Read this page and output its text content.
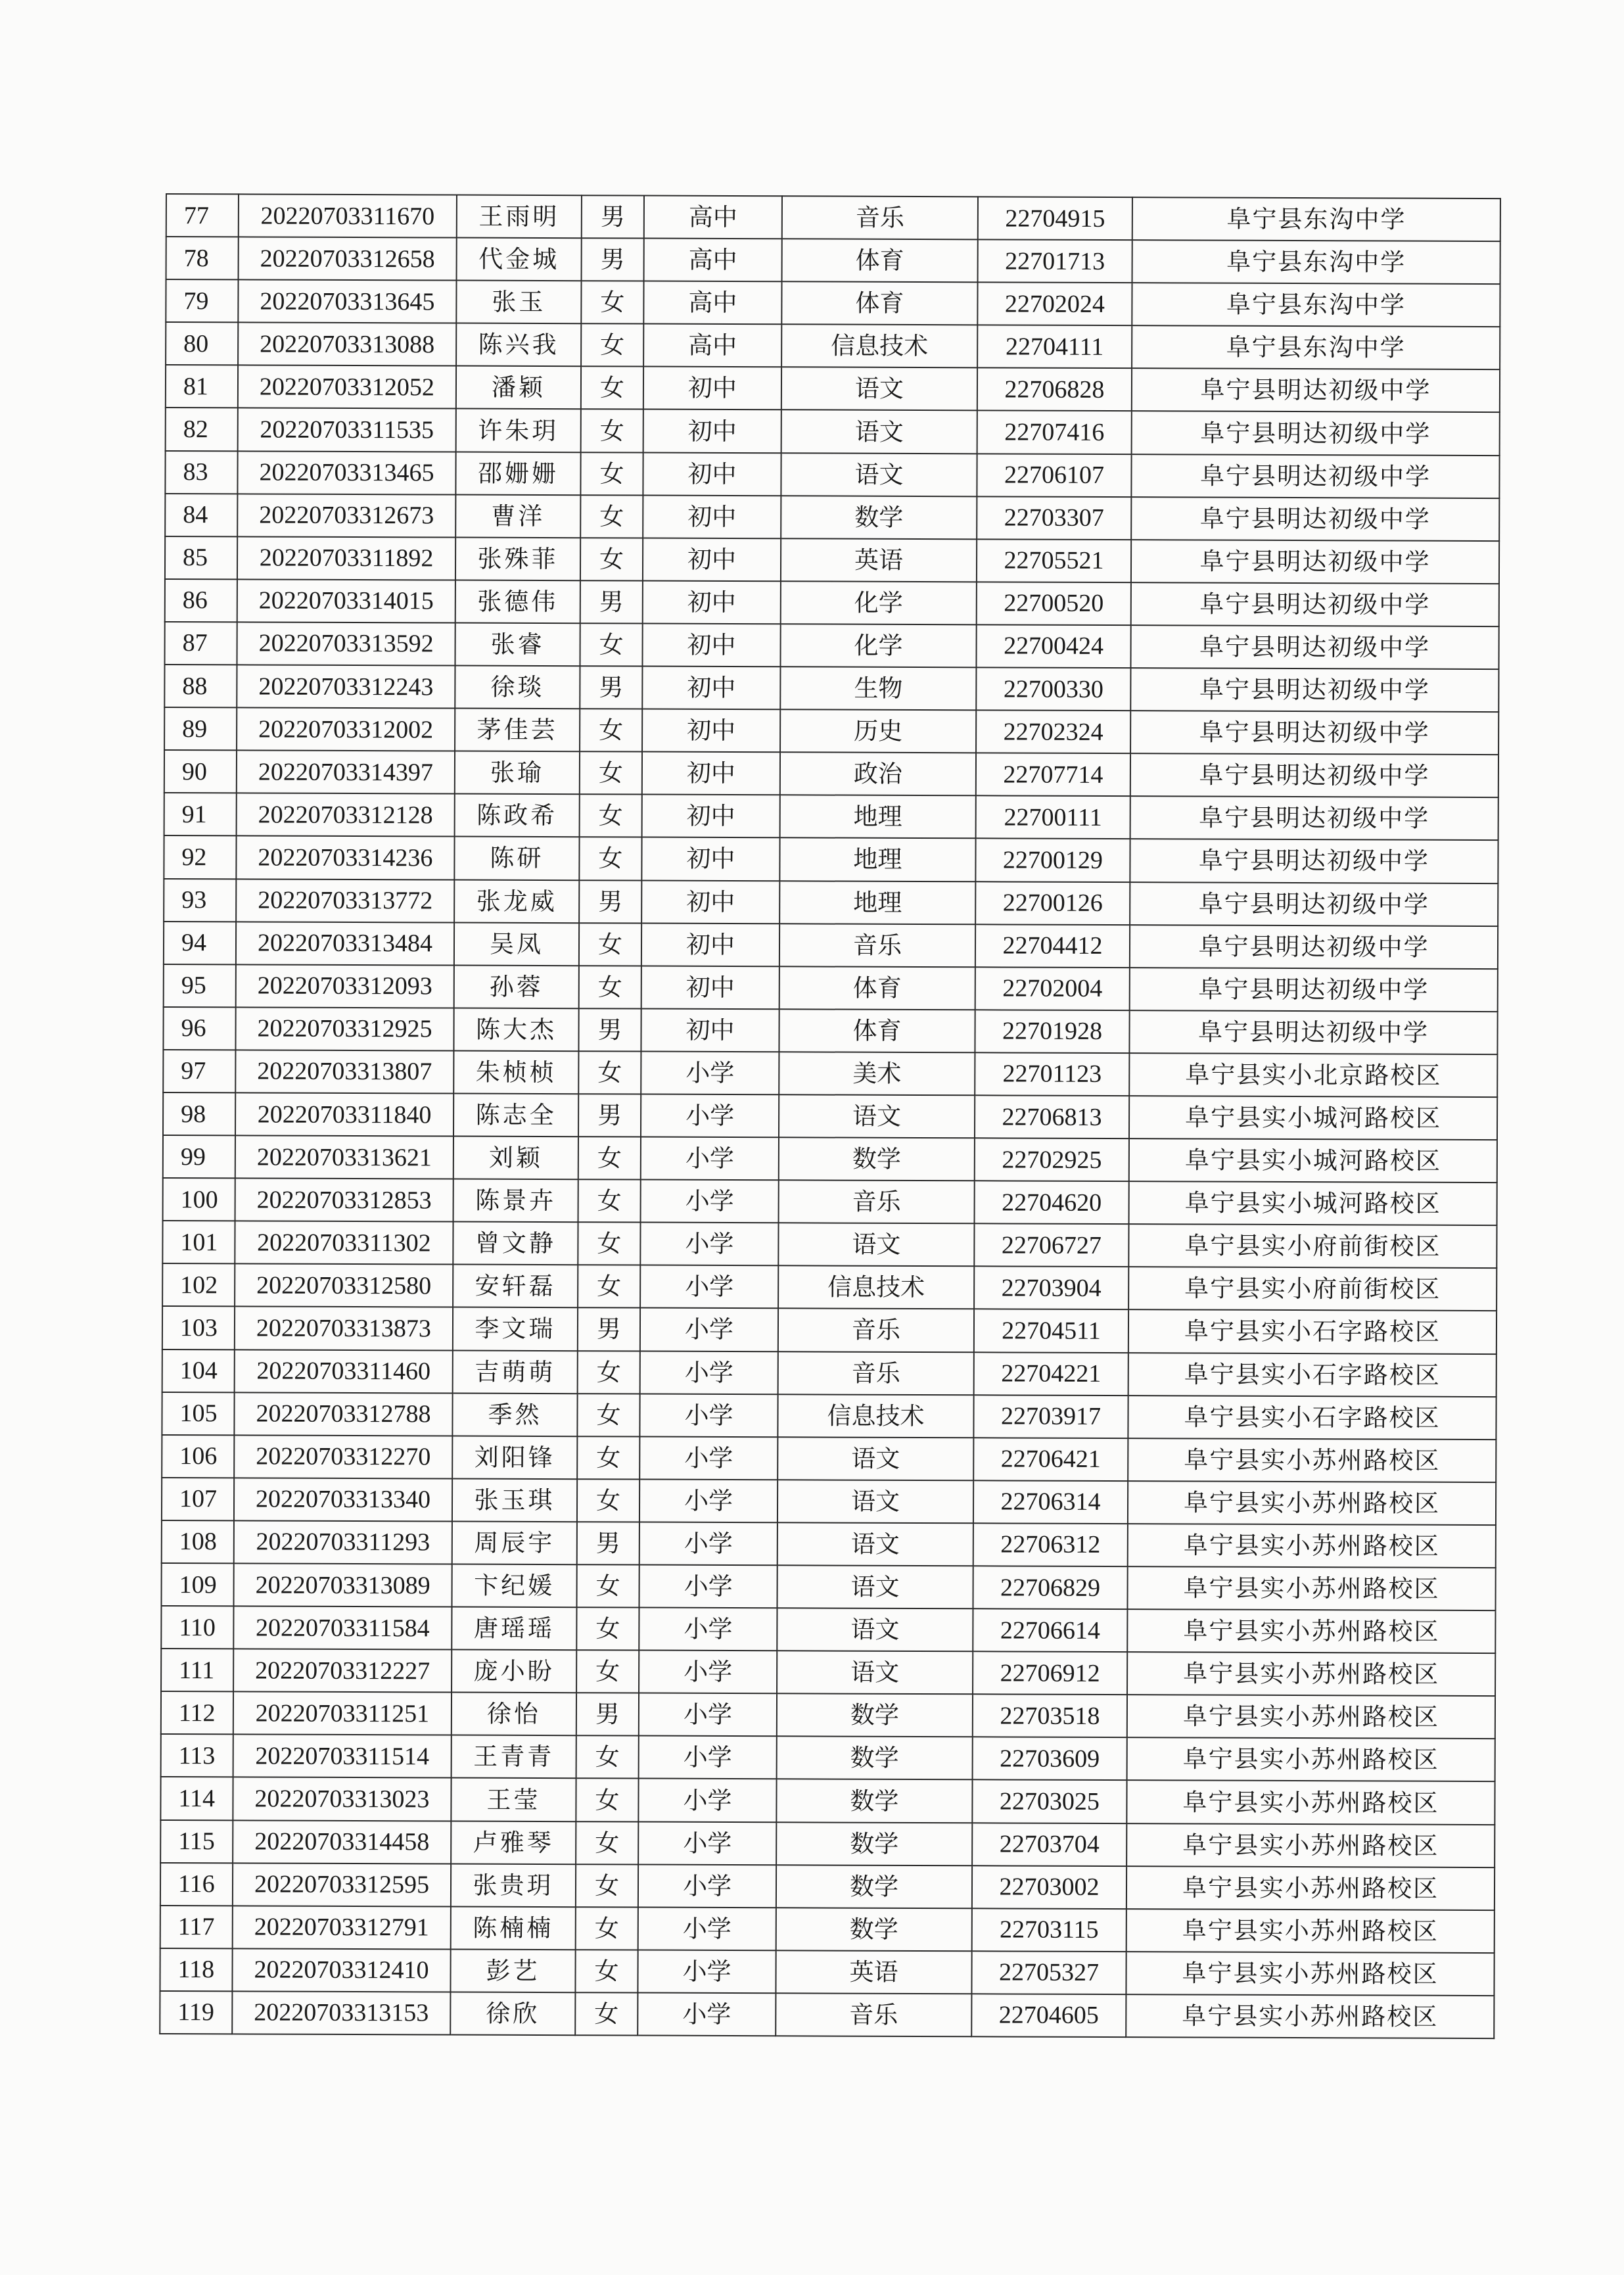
77	20220703311670	王雨明	男	高中	音乐	22704915	阜宁县东沟中学
78	20220703312658	代金城	男	高中	体育	22701713	阜宁县东沟中学
79	20220703313645	张玉	女	高中	体育	22702024	阜宁县东沟中学
80	20220703313088	陈兴我	女	高中	信息技术	22704111	阜宁县东沟中学
81	20220703312052	潘颖	女	初中	语文	22706828	阜宁县明达初级中学
82	20220703311535	许朱玥	女	初中	语文	22707416	阜宁县明达初级中学
83	20220703313465	邵姗姗	女	初中	语文	22706107	阜宁县明达初级中学
84	20220703312673	曹洋	女	初中	数学	22703307	阜宁县明达初级中学
85	20220703311892	张殊菲	女	初中	英语	22705521	阜宁县明达初级中学
86	20220703314015	张德伟	男	初中	化学	22700520	阜宁县明达初级中学
87	20220703313592	张睿	女	初中	化学	22700424	阜宁县明达初级中学
88	20220703312243	徐琰	男	初中	生物	22700330	阜宁县明达初级中学
89	20220703312002	茅佳芸	女	初中	历史	22702324	阜宁县明达初级中学
90	20220703314397	张瑜	女	初中	政治	22707714	阜宁县明达初级中学
91	20220703312128	陈政希	女	初中	地理	22700111	阜宁县明达初级中学
92	20220703314236	陈研	女	初中	地理	22700129	阜宁县明达初级中学
93	20220703313772	张龙威	男	初中	地理	22700126	阜宁县明达初级中学
94	20220703313484	吴凤	女	初中	音乐	22704412	阜宁县明达初级中学
95	20220703312093	孙蓉	女	初中	体育	22702004	阜宁县明达初级中学
96	20220703312925	陈大杰	男	初中	体育	22701928	阜宁县明达初级中学
97	20220703313807	朱桢桢	女	小学	美术	22701123	阜宁县实小北京路校区
98	20220703311840	陈志全	男	小学	语文	22706813	阜宁县实小城河路校区
99	20220703313621	刘颖	女	小学	数学	22702925	阜宁县实小城河路校区
100	20220703312853	陈景卉	女	小学	音乐	22704620	阜宁县实小城河路校区
101	20220703311302	曾文静	女	小学	语文	22706727	阜宁县实小府前街校区
102	20220703312580	安轩磊	女	小学	信息技术	22703904	阜宁县实小府前街校区
103	20220703313873	李文瑞	男	小学	音乐	22704511	阜宁县实小石字路校区
104	20220703311460	吉萌萌	女	小学	音乐	22704221	阜宁县实小石字路校区
105	20220703312788	季然	女	小学	信息技术	22703917	阜宁县实小石字路校区
106	20220703312270	刘阳锋	女	小学	语文	22706421	阜宁县实小苏州路校区
107	20220703313340	张玉琪	女	小学	语文	22706314	阜宁县实小苏州路校区
108	20220703311293	周辰宇	男	小学	语文	22706312	阜宁县实小苏州路校区
109	20220703313089	卞纪媛	女	小学	语文	22706829	阜宁县实小苏州路校区
110	20220703311584	唐瑶瑶	女	小学	语文	22706614	阜宁县实小苏州路校区
111	20220703312227	庞小盼	女	小学	语文	22706912	阜宁县实小苏州路校区
112	20220703311251	徐怡	男	小学	数学	22703518	阜宁县实小苏州路校区
113	20220703311514	王青青	女	小学	数学	22703609	阜宁县实小苏州路校区
114	20220703313023	王莹	女	小学	数学	22703025	阜宁县实小苏州路校区
115	20220703314458	卢雅琴	女	小学	数学	22703704	阜宁县实小苏州路校区
116	20220703312595	张贵玥	女	小学	数学	22703002	阜宁县实小苏州路校区
117	20220703312791	陈楠楠	女	小学	数学	22703115	阜宁县实小苏州路校区
118	20220703312410	彭艺	女	小学	英语	22705327	阜宁县实小苏州路校区
119	20220703313153	徐欣	女	小学	音乐	22704605	阜宁县实小苏州路校区
